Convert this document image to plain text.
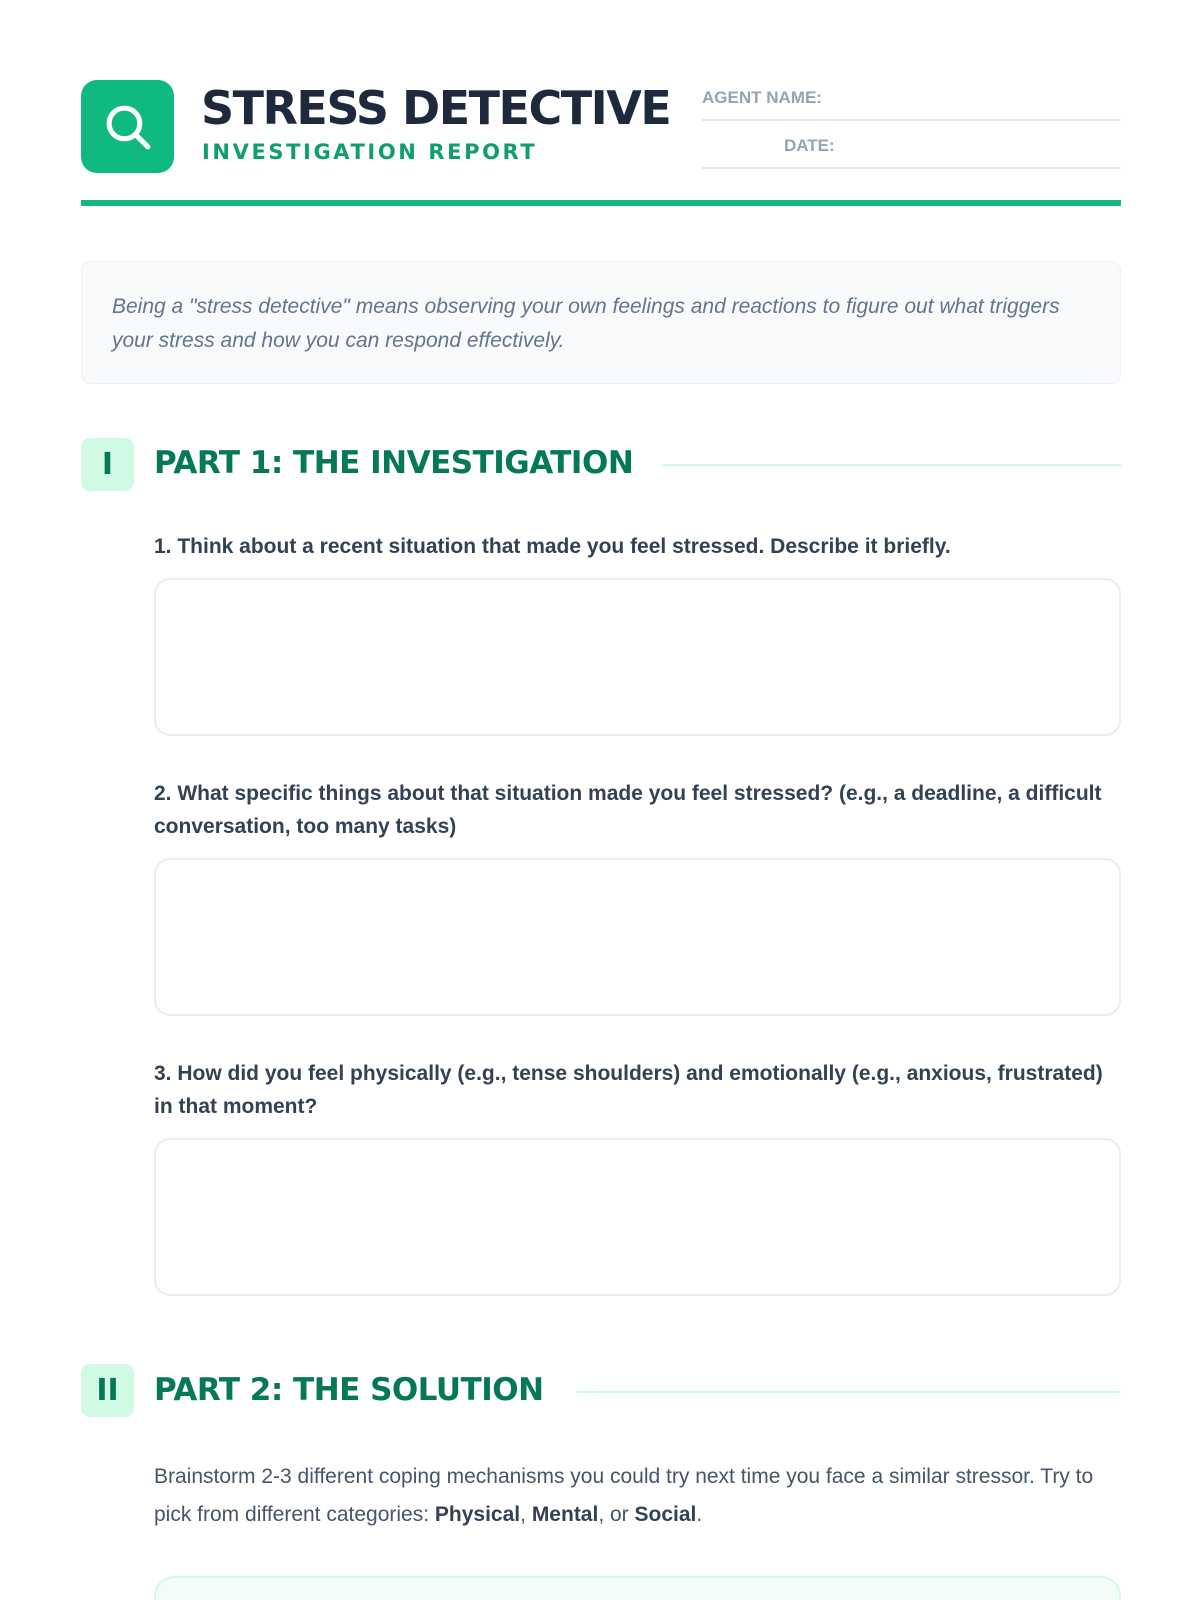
STRESS DETECTIVE
INVESTIGATION REPORT
AGENT NAME:
DATE:
Being a "stress detective" means observing your own feelings and reactions to figure out what triggers your stress and how you can respond effectively.
I	PART 1: THE INVESTIGATION
1. Think about a recent situation that made you feel stressed. Describe it briefly.
2. What specific things about that situation made you feel stressed? (e.g., a deadline, a difficult conversation, too many tasks)
3. How did you feel physically (e.g., tense shoulders) and emotionally (e.g., anxious, frustrated) in that moment?
II	PART 2: THE SOLUTION
Brainstorm 2-3 different coping mechanisms you could try next time you face a similar stressor. Try to pick from different categories: Physical, Mental, or Social.
